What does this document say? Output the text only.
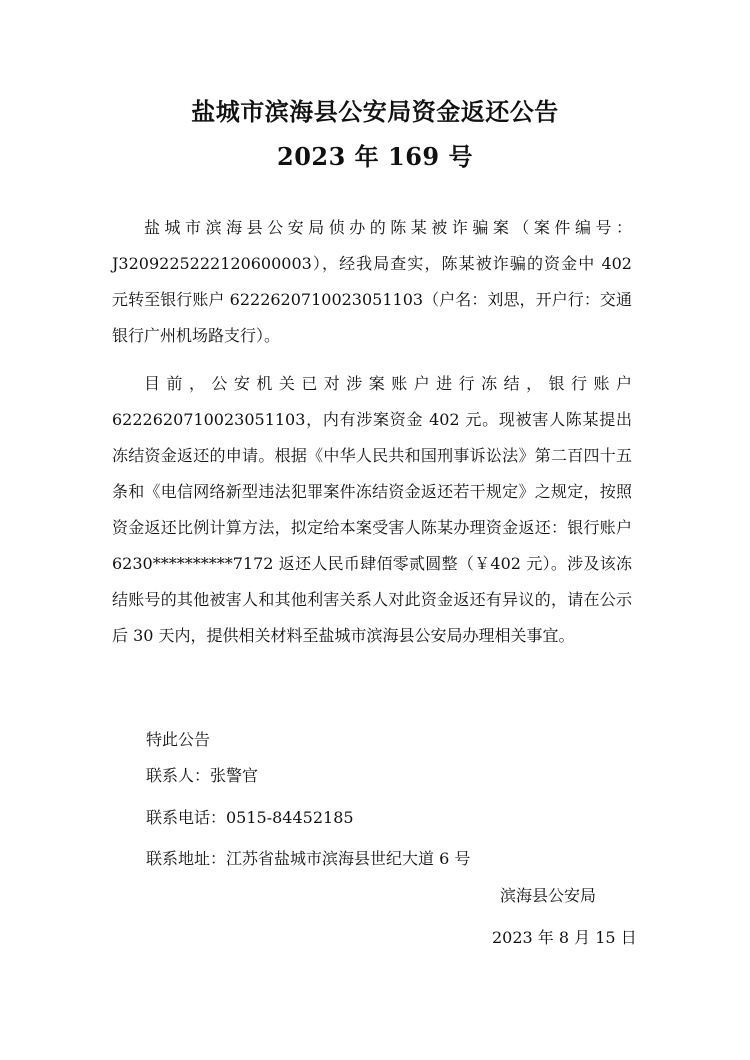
盐城市滨海县公安局资金返还公告
2023 年 169 号

盐城市滨海县公安局侦办的陈某被诈骗案（案件编号：J3209225222120600003），经我局查实，陈某被诈骗的资金中 402 元转至银行账户 6222620710023051103（户名：刘思，开户行：交通银行广州机场路支行）。

目前，公安机关已对涉案账户进行冻结，银行账户 6222620710023051103，内有涉案资金 402 元。现被害人陈某提出冻结资金返还的申请。根据《中华人民共和国刑事诉讼法》第二百四十五条和《电信网络新型违法犯罪案件冻结资金返还若干规定》之规定，按照资金返还比例计算方法，拟定给本案受害人陈某办理资金返还：银行账户 6230**********7172 返还人民币肆佰零贰圆整（￥402 元）。涉及该冻结账号的其他被害人和其他利害关系人对此资金返还有异议的，请在公示后 30 天内，提供相关材料至盐城市滨海县公安局办理相关事宜。

特此公告

联系人：张警官

联系电话：0515-84452185

联系地址：江苏省盐城市滨海县世纪大道 6 号

滨海县公安局

2023 年 8 月 15 日
